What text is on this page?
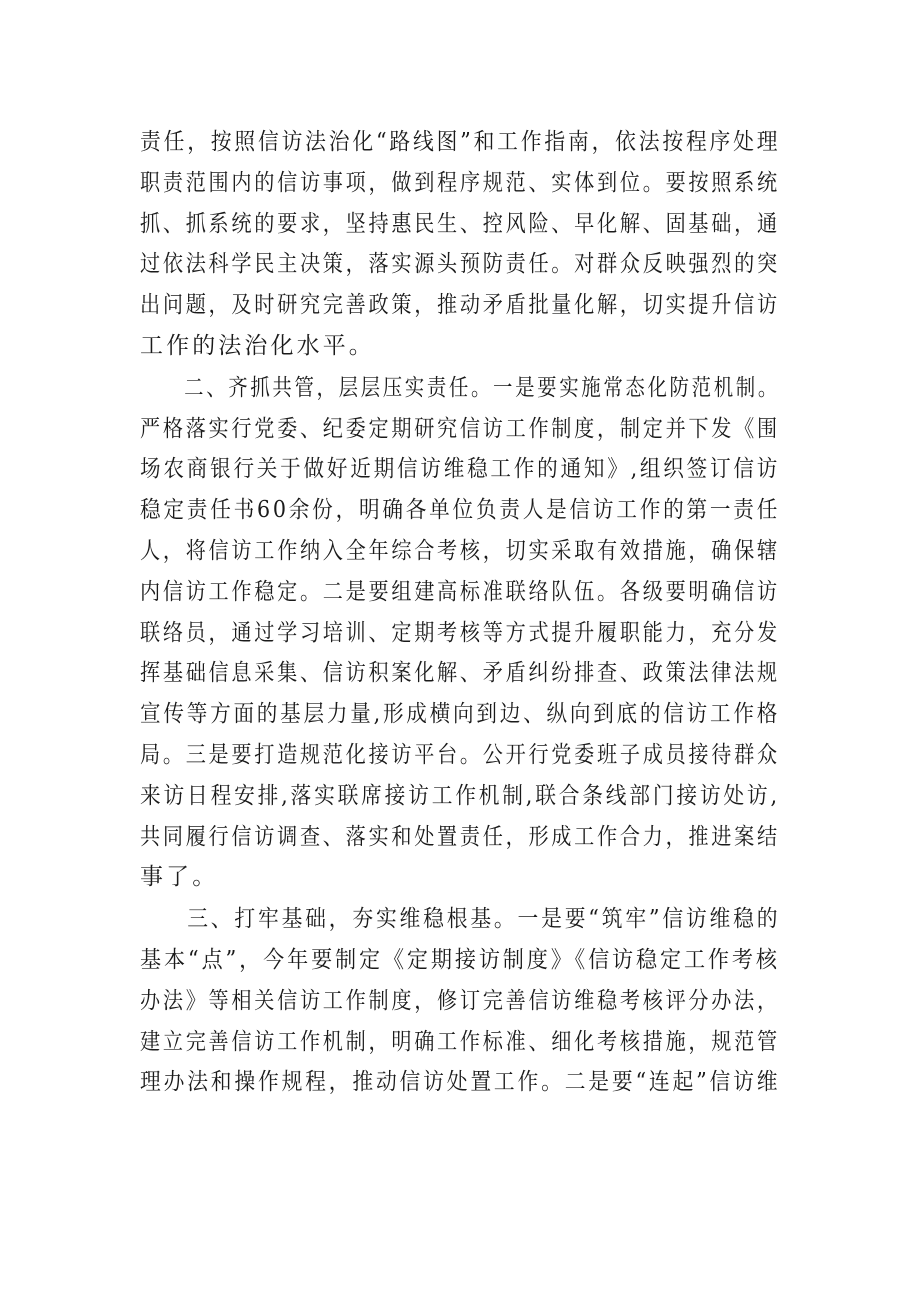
责任，按照信访法治化“路线图”和工作指南，依法按程序处理
职责范围内的信访事项，做到程序规范、实体到位。要按照系统
抓、抓系统的要求，坚持惠民生、控风险、早化解、固基础，通
过依法科学民主决策，落实源头预防责任。对群众反映强烈的突
出问题，及时研究完善政策，推动矛盾批量化解，切实提升信访
工作的法治化水平。
　　二、齐抓共管，层层压实责任。一是要实施常态化防范机制。
严格落实行党委、纪委定期研究信访工作制度，制定并下发《围
场农商银行关于做好近期信访维稳工作的通知》,组织签订信访
稳定责任书60余份，明确各单位负责人是信访工作的第一责任
人，将信访工作纳入全年综合考核，切实采取有效措施，确保辖
内信访工作稳定。二是要组建高标准联络队伍。各级要明确信访
联络员，通过学习培训、定期考核等方式提升履职能力，充分发
挥基础信息采集、信访积案化解、矛盾纠纷排查、政策法律法规
宣传等方面的基层力量,形成横向到边、纵向到底的信访工作格
局。三是要打造规范化接访平台。公开行党委班子成员接待群众
来访日程安排,落实联席接访工作机制,联合条线部门接访处访,
共同履行信访调查、落实和处置责任，形成工作合力，推进案结
事了。
　　三、打牢基础，夯实维稳根基。一是要“筑牢”信访维稳的
基本“点”，今年要制定《定期接访制度》《信访稳定工作考核
办法》等相关信访工作制度，修订完善信访维稳考核评分办法，
建立完善信访工作机制，明确工作标准、细化考核措施，规范管
理办法和操作规程，推动信访处置工作。二是要“连起”信访维
